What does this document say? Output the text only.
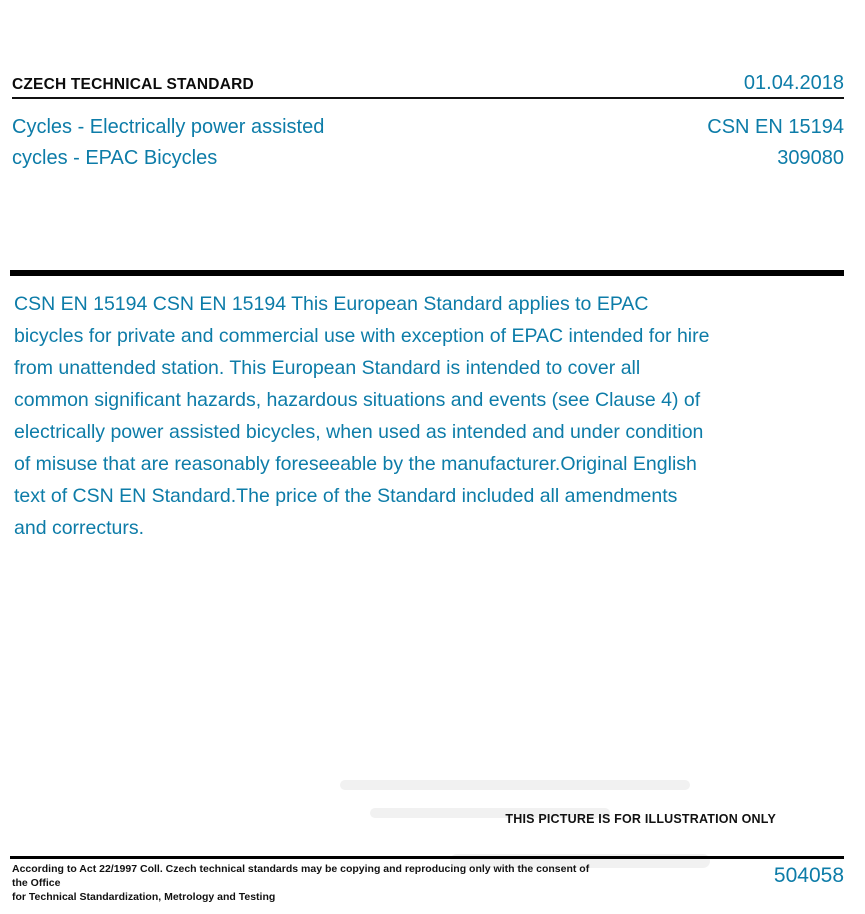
CZECH TECHNICAL STANDARD	01.04.2018
Cycles - Electrically power assisted
cycles - EPAC Bicycles
CSN EN 15194
309080
CSN EN 15194 CSN EN 15194 This European Standard applies to EPAC bicycles for private and commercial use with exception of EPAC intended for hire from unattended station. This European Standard is intended to cover all common significant hazards, hazardous situations and events (see Clause 4) of electrically power assisted bicycles, when used as intended and under condition of misuse that are reasonably foreseeable by the manufacturer.Original English text of CSN EN Standard.The price of the Standard included all amendments and correcturs.
THIS PICTURE IS FOR ILLUSTRATION ONLY
According to Act 22/1997 Coll. Czech technical standards may be copying and reproducing only with the consent of the Office
for Technical Standardization, Metrology and Testing
504058
